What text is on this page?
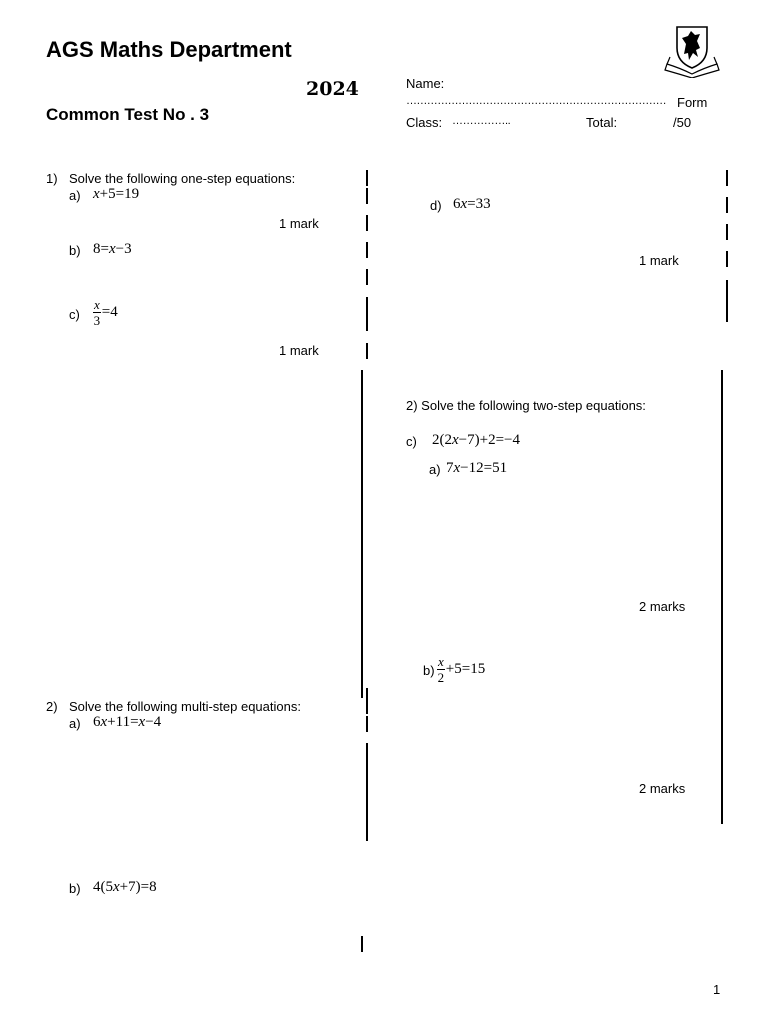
AGS Maths Department
2024
Common Test No . 3
Name:
………………………………………………………………… Form
Class: ……………..	Total:	/50
1) Solve the following one-step equations:
a) x+5=19
1 mark
b) 8=x−3
$c) \frac{x}{3} =4$
1 mark
d) 6x=33
1 mark
2) Solve the following two-step equations:
c) 2(2x−7)+2=−4
a) 7x−12=51
2 marks
$b) \frac{x}{2} +5=15$
2 marks
2) Solve the following multi-step equations:
a) 6x+11=x−4
b) 4(5x+7)=8
1
